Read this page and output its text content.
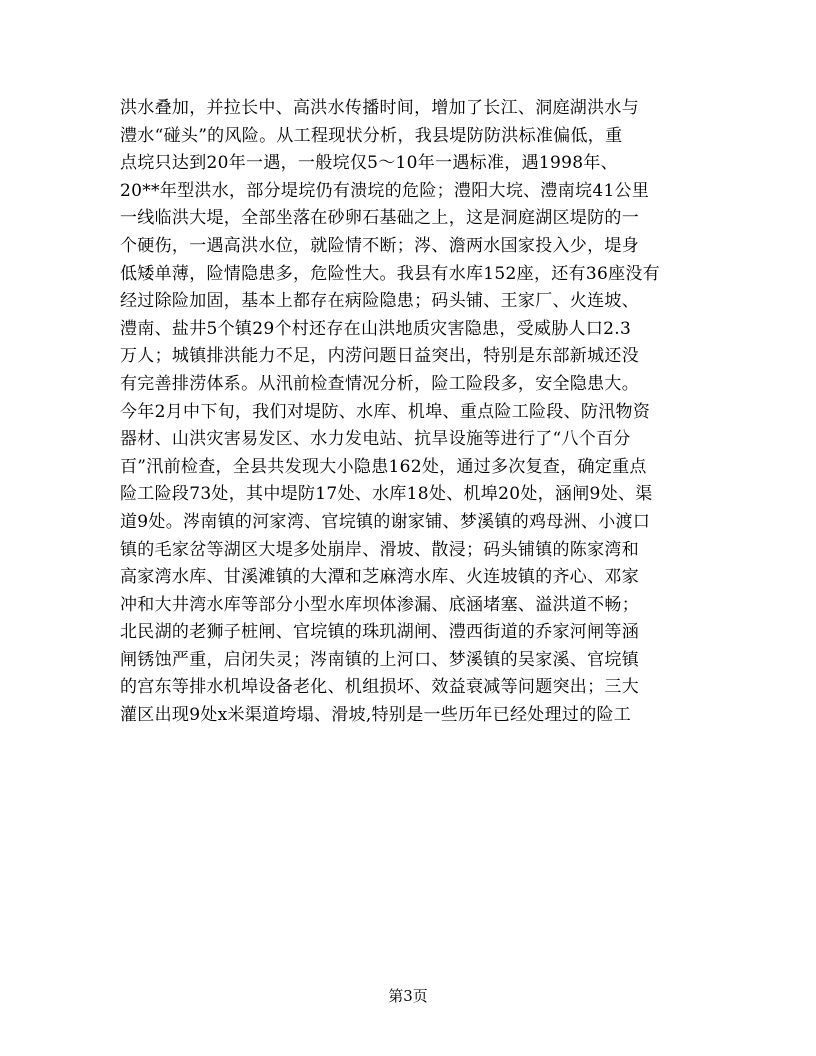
洪水叠加，并拉长中、高洪水传播时间，增加了长江、洞庭湖洪水与
澧水“碰头”的风险。从工程现状分析，我县堤防防洪标准偏低，重
点垸只达到20年一遇，一般垸仅5～10年一遇标准，遇1998年、
20**年型洪水，部分堤垸仍有溃垸的危险；澧阳大垸、澧南垸41公里
一线临洪大堤，全部坐落在砂卵石基础之上，这是洞庭湖区堤防的一
个硬伤，一遇高洪水位，就险情不断；涔、澹两水国家投入少，堤身
低矮单薄，险情隐患多，危险性大。我县有水库152座，还有36座没有
经过除险加固，基本上都存在病险隐患；码头铺、王家厂、火连坡、
澧南、盐井5个镇29个村还存在山洪地质灾害隐患，受威胁人口2.3
万人；城镇排洪能力不足，内涝问题日益突出，特别是东部新城还没
有完善排涝体系。从汛前检查情况分析，险工险段多，安全隐患大。
今年2月中下旬，我们对堤防、水库、机埠、重点险工险段、防汛物资
器材、山洪灾害易发区、水力发电站、抗旱设施等进行了“八个百分
百”汛前检查，全县共发现大小隐患162处，通过多次复查，确定重点
险工险段73处，其中堤防17处、水库18处、机埠20处，涵闸9处、渠
道9处。涔南镇的河家湾、官垸镇的谢家铺、梦溪镇的鸡母洲、小渡口
镇的毛家岔等湖区大堤多处崩岸、滑坡、散浸；码头铺镇的陈家湾和
高家湾水库、甘溪滩镇的大潭和芝麻湾水库、火连坡镇的齐心、邓家
冲和大井湾水库等部分小型水库坝体渗漏、底涵堵塞、溢洪道不畅；
北民湖的老狮子桩闸、官垸镇的珠玑湖闸、澧西街道的乔家河闸等涵
闸锈蚀严重，启闭失灵；涔南镇的上河口、梦溪镇的吴家溪、官垸镇
的宫东等排水机埠设备老化、机组损坏、效益衰减等问题突出；三大
灌区出现9处x米渠道垮塌、滑坡,特别是一些历年已经处理过的险工
第3页
